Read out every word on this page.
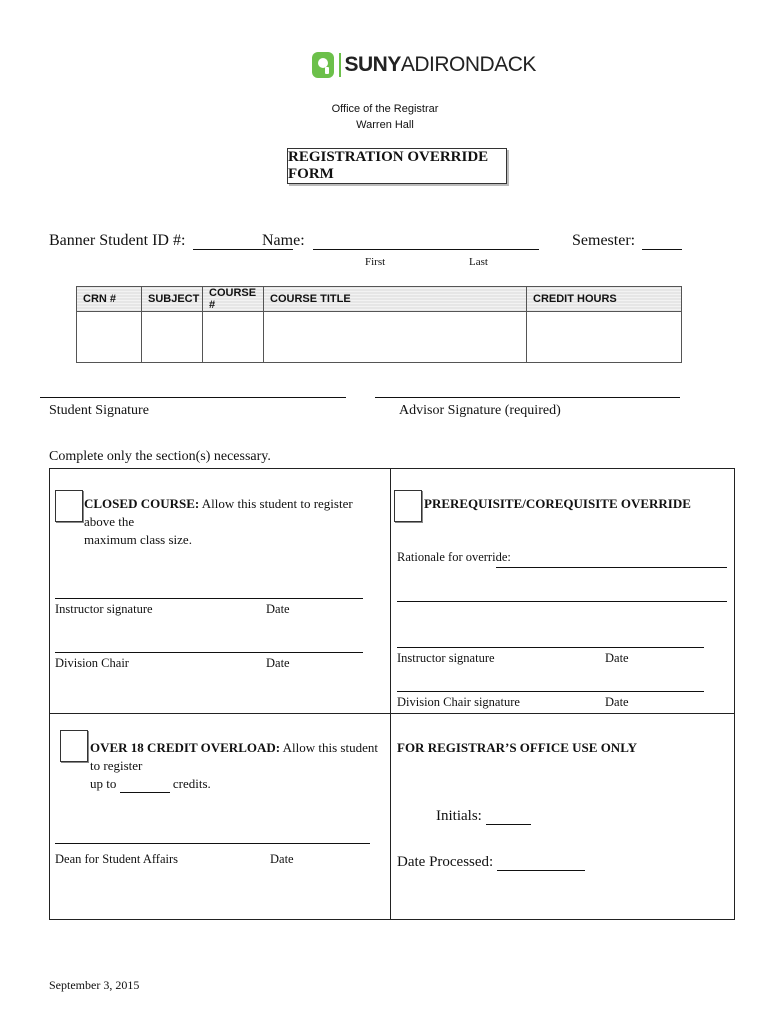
SUNYADIRONDACK
Office of the Registrar
Warren Hall
REGISTRATION OVERRIDE FORM
Banner Student ID #:	Name:	Semester:
First	Last
CRN #	SUBJECT	COURSE #	COURSE TITLE	CREDIT HOURS

Student Signature	Advisor Signature (required)
Complete only the section(s) necessary.
CLOSED COURSE: Allow this student to register above the
maximum class size.
Instructor signature	Date
Division Chair	Date
PREREQUISITE/COREQUISITE OVERRIDE
Rationale for override:
Instructor signature	Date
Division Chair signature	Date
OVER 18 CREDIT OVERLOAD: Allow this student to register
up to	credits.
Dean for Student Affairs	Date
FOR REGISTRAR’S OFFICE USE ONLY
Initials:
Date Processed:
September 3, 2015
